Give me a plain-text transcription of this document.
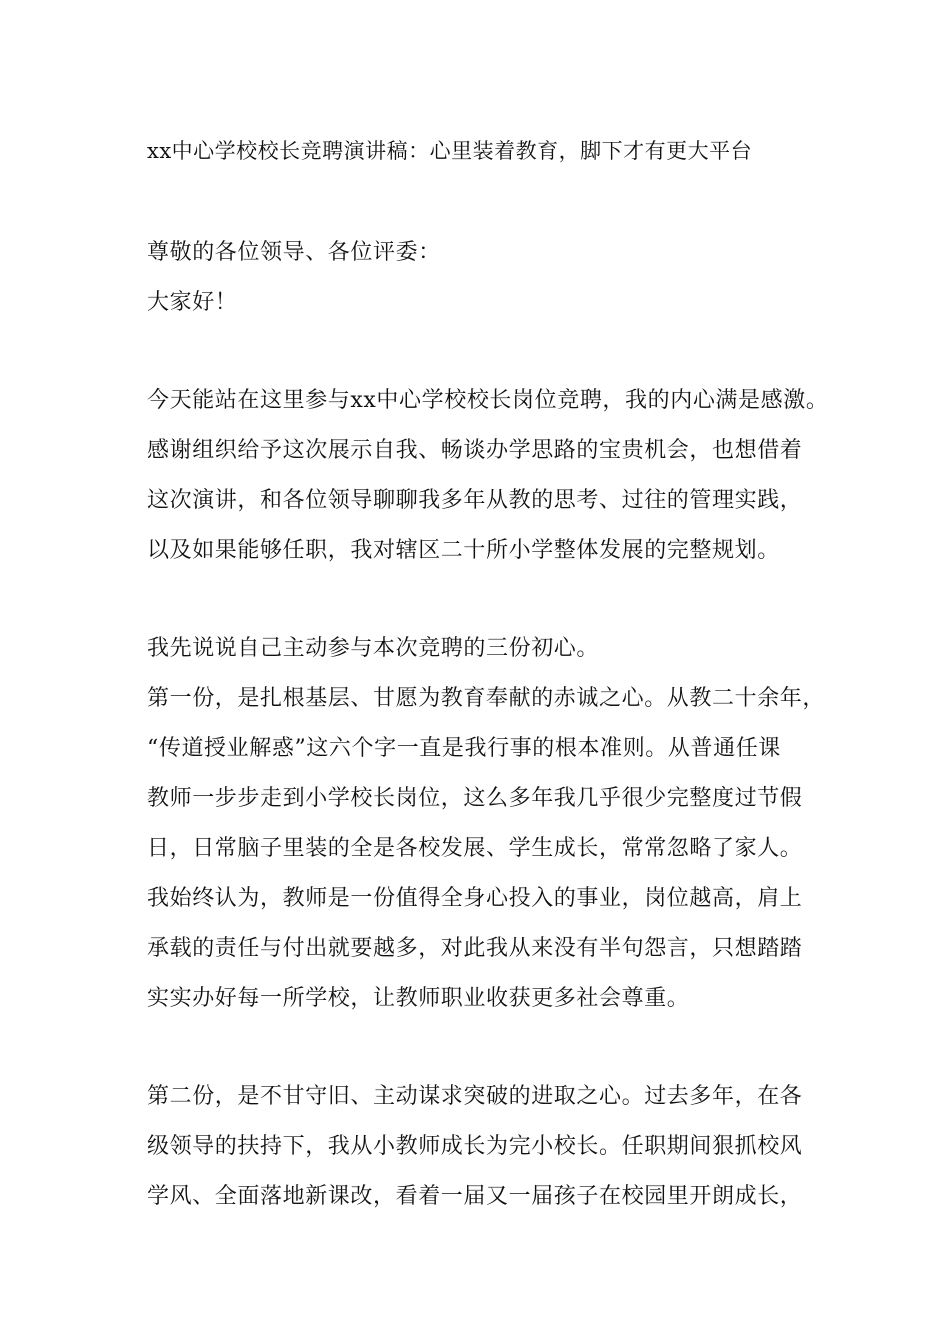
xx中心学校校长竞聘演讲稿：心里装着教育，脚下才有更大平台
尊敬的各位领导、各位评委：
大家好！
今天能站在这里参与xx中心学校校长岗位竞聘，我的内心满是感激。
感谢组织给予这次展示自我、畅谈办学思路的宝贵机会，也想借着
这次演讲，和各位领导聊聊我多年从教的思考、过往的管理实践，
以及如果能够任职，我对辖区二十所小学整体发展的完整规划。
我先说说自己主动参与本次竞聘的三份初心。
第一份，是扎根基层、甘愿为教育奉献的赤诚之心。从教二十余年，
“传道授业解惑”这六个字一直是我行事的根本准则。从普通任课
教师一步步走到小学校长岗位，这么多年我几乎很少完整度过节假
日，日常脑子里装的全是各校发展、学生成长，常常忽略了家人。
我始终认为，教师是一份值得全身心投入的事业，岗位越高，肩上
承载的责任与付出就要越多，对此我从来没有半句怨言，只想踏踏
实实办好每一所学校，让教师职业收获更多社会尊重。
第二份，是不甘守旧、主动谋求突破的进取之心。过去多年，在各
级领导的扶持下，我从小教师成长为完小校长。任职期间狠抓校风
学风、全面落地新课改，看着一届又一届孩子在校园里开朗成长，
